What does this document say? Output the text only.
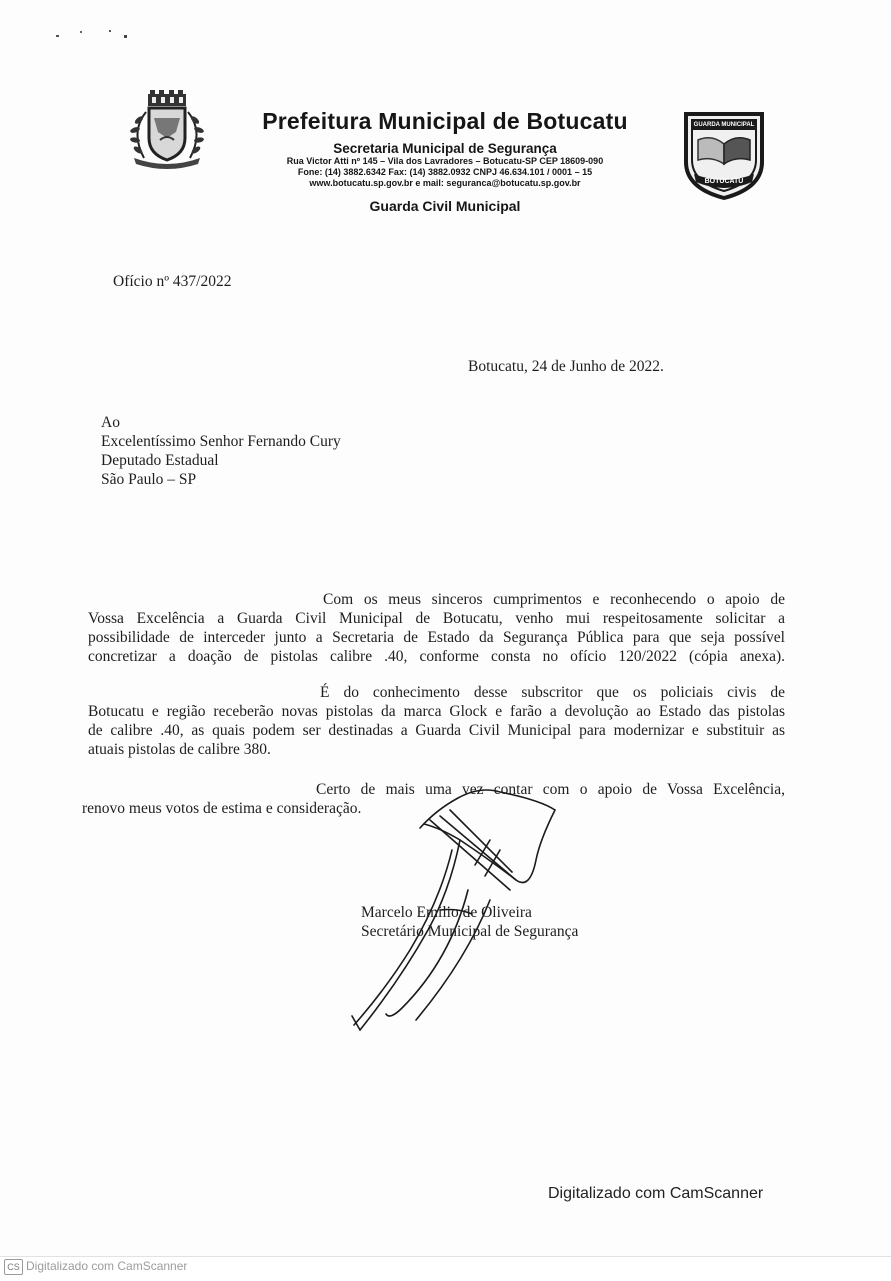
Prefeitura Municipal de Botucatu
Secretaria Municipal de Segurança
Rua Victor Atti nº 145 – Vila dos Lavradores – Botucatu-SP CEP 18609-090
Fone: (14) 3882.6342 Fax: (14) 3882.0932 CNPJ 46.634.101 / 0001 – 15
www.botucatu.sp.gov.br e mail: seguranca@botucatu.sp.gov.br
Guarda Civil Municipal
GUARDA MUNICIPAL
BOTUCATU
Ofício nº 437/2022
Botucatu, 24 de Junho de 2022.
Ao
Excelentíssimo Senhor Fernando Cury
Deputado Estadual
São Paulo – SP
Com os meus sinceros cumprimentos e reconhecendo o apoio de
Vossa Excelência a Guarda Civil Municipal de Botucatu, venho mui respeitosamente solicitar a
possibilidade de interceder junto a Secretaria de Estado da Segurança Pública para que seja possível
concretizar a doação de pistolas calibre .40, conforme consta no ofício 120/2022 (cópia anexa).
É do conhecimento desse subscritor que os policiais civis de
Botucatu e região receberão novas pistolas da marca Glock e farão a devolução ao Estado das pistolas
de calibre .40, as quais podem ser destinadas a Guarda Civil Municipal para modernizar e substituir as
atuais pistolas de calibre 380.
Certo de mais uma vez contar com o apoio de Vossa Excelência,
renovo meus votos de estima e consideração.
Marcelo Emilio de Oliveira
Secretário Municipal de Segurança
Digitalizado com CamScanner
CS Digitalizado com CamScanner
